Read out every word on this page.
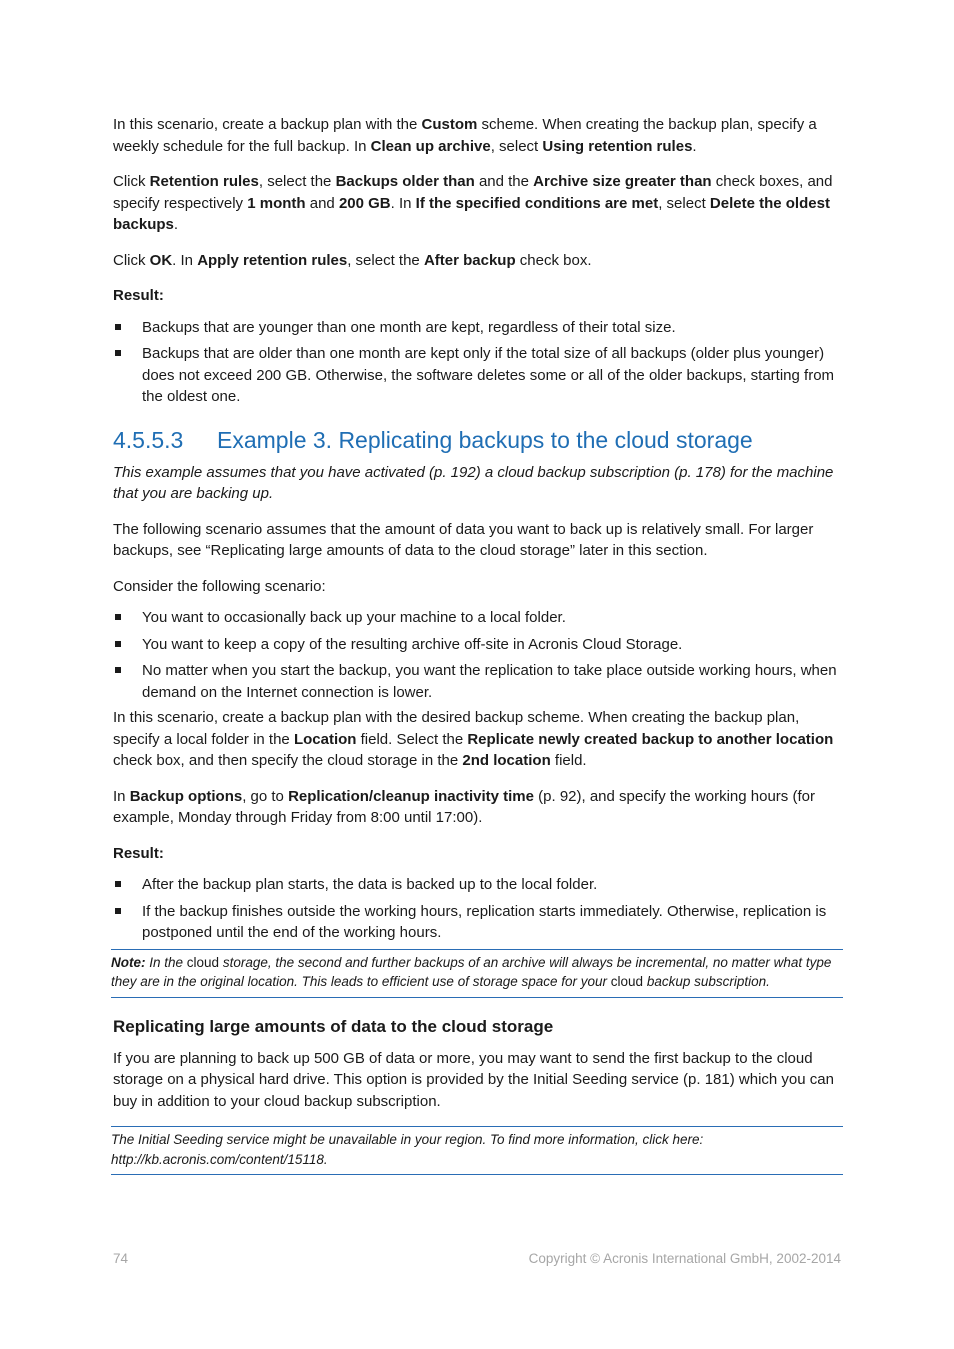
In this scenario, create a backup plan with the Custom scheme. When creating the backup plan, specify a weekly schedule for the full backup. In Clean up archive, select Using retention rules.

Click Retention rules, select the Backups older than and the Archive size greater than check boxes, and specify respectively 1 month and 200 GB. In If the specified conditions are met, select Delete the oldest backups.

Click OK. In Apply retention rules, select the After backup check box.

Result:

Backups that are younger than one month are kept, regardless of their total size.
Backups that are older than one month are kept only if the total size of all backups (older plus younger) does not exceed 200 GB. Otherwise, the software deletes some or all of the older backups, starting from the oldest one.
4.5.5.3 Example 3. Replicating backups to the cloud storage

This example assumes that you have activated (p. 192) a cloud backup subscription (p. 178) for the machine that you are backing up.

The following scenario assumes that the amount of data you want to back up is relatively small. For larger backups, see “Replicating large amounts of data to the cloud storage” later in this section.

Consider the following scenario:

You want to occasionally back up your machine to a local folder.
You want to keep a copy of the resulting archive off-site in Acronis Cloud Storage.
No matter when you start the backup, you want the replication to take place outside working hours, when demand on the Internet connection is lower.

In this scenario, create a backup plan with the desired backup scheme. When creating the backup plan, specify a local folder in the Location field. Select the Replicate newly created backup to another location check box, and then specify the cloud storage in the 2nd location field.

In Backup options, go to Replication/cleanup inactivity time (p. 92), and specify the working hours (for example, Monday through Friday from 8:00 until 17:00).

Result:

After the backup plan starts, the data is backed up to the local folder.
If the backup finishes outside the working hours, replication starts immediately. Otherwise, replication is postponed until the end of the working hours.
Note: In the cloud storage, the second and further backups of an archive will always be incremental, no matter what type they are in the original location. This leads to efficient use of storage space for your cloud backup subscription.
Replicating large amounts of data to the cloud storage

If you are planning to back up 500 GB of data or more, you may want to send the first backup to the cloud storage on a physical hard drive. This option is provided by the Initial Seeding service (p. 181) which you can buy in addition to your cloud backup subscription.

The Initial Seeding service might be unavailable in your region. To find more information, click here: http://kb.acronis.com/content/15118.
74	Copyright © Acronis International GmbH, 2002-2014
